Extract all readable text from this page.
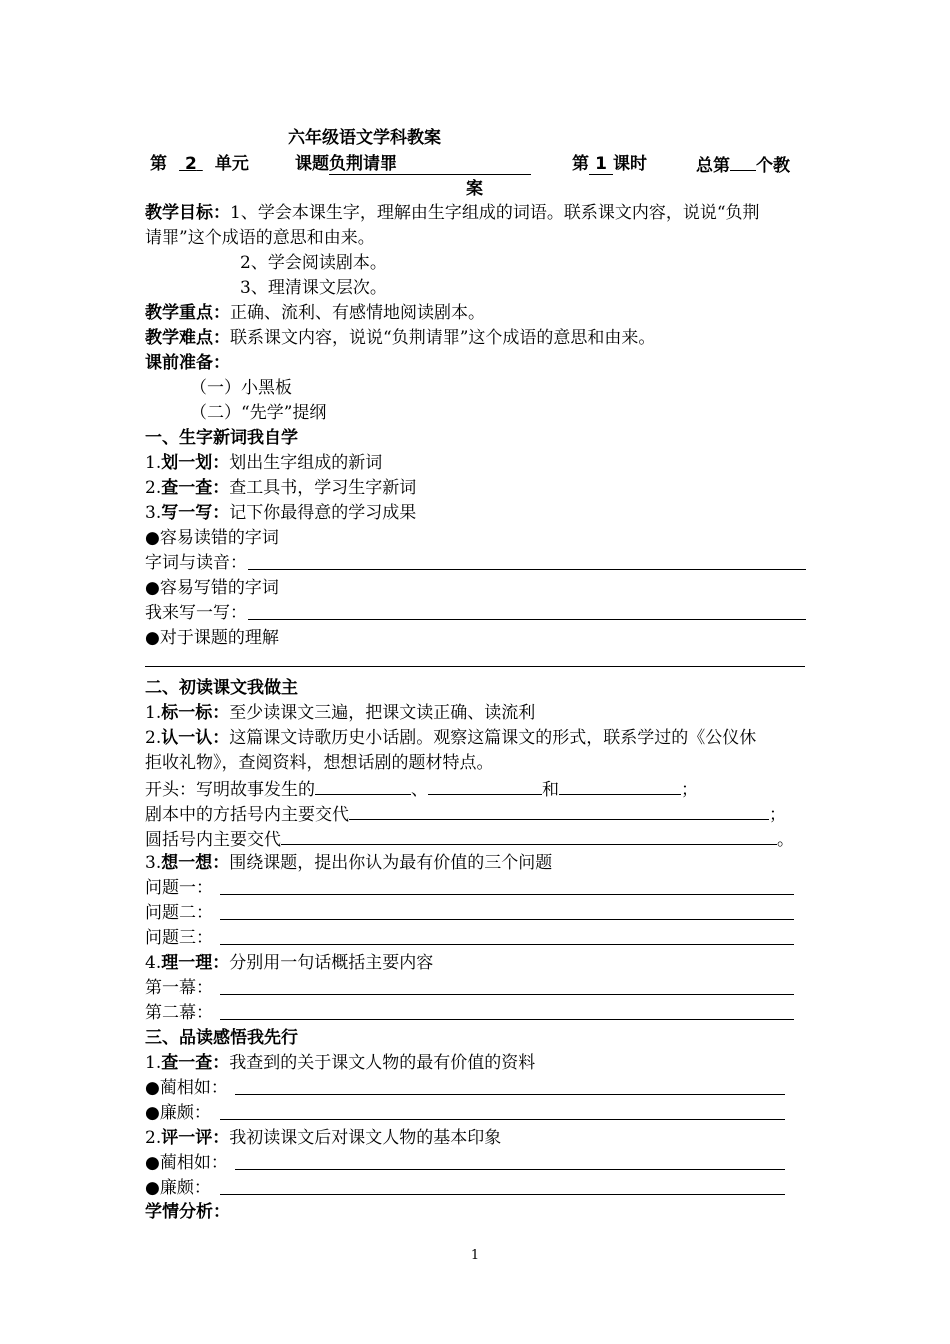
六年级语文学科教案
第 2 单元	课题负荆请罪	第 1 课时	总第 个教
案
教学目标：1、学会本课生字，理解由生字组成的词语。联系课文内容，说说“负荆
请罪”这个成语的意思和由来。
2、学会阅读剧本。
3、理清课文层次。
教学重点：正确、流利、有感情地阅读剧本。
教学难点：联系课文内容，说说“负荆请罪”这个成语的意思和由来。
课前准备：
（一）小黑板
（二）“先学”提纲
一、生字新词我自学
1.划一划：划出生字组成的新词
2.查一查：查工具书，学习生字新词
3.写一写：记下你最得意的学习成果
●容易读错的字词
字词与读音：
●容易写错的字词
我来写一写：
●对于课题的理解
二、初读课文我做主
1.标一标：至少读课文三遍，把课文读正确、读流利
2.认一认：这篇课文诗歌历史小话剧。观察这篇课文的形式，联系学过的《公仪休
拒收礼物》，查阅资料，想想话剧的题材特点。
开头：写明故事发生的	、	和	；
剧本中的方括号内主要交代	；
圆括号内主要交代	。
3.想一想：围绕课题，提出你认为最有价值的三个问题
问题一：
问题二：
问题三：
4.理一理：分别用一句话概括主要内容
第一幕：
第二幕：
三、品读感悟我先行
1.查一查：我查到的关于课文人物的最有价值的资料
●蔺相如：
●廉颇：
2.评一评：我初读课文后对课文人物的基本印象
●蔺相如：
●廉颇：
学情分析：
1
